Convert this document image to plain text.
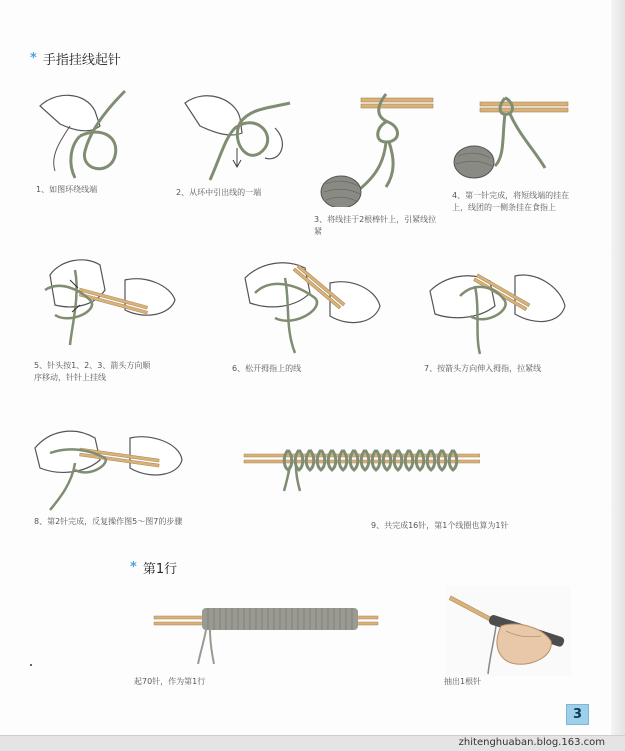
* 手指挂线起针
1、如图环绕线端	2、从环中引出线的一端
3、将线挂于2根棒针上，引紧线拉紧
4、第一针完成，将短线端的挂在上，线团的一侧条挂在食指上
5、针头按1、2、3、箭头方向顺序移动，针针上挂线
6、松开拇指上的线	7、按箭头方向伸入拇指，拉紧线
8、第2针完成，反复操作图5～图7的步骤	9、共完成16针，第1个线圈也算为1针
* 第1行
起70针，作为第1行	抽出1根针
3
zhitenghuaban.blog.163.com
